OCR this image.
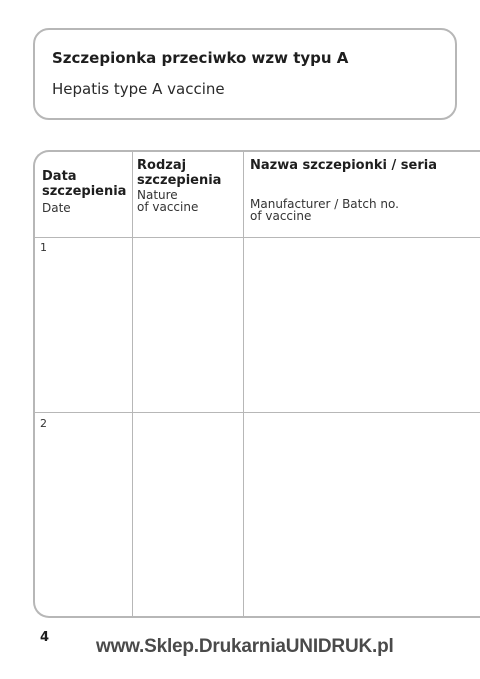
Szczepionka przeciwko wzw typu A
Hepatis type A vaccine
Data
szczepienia
Date
Rodzaj
szczepienia
Nature
of vaccine
Nazwa szczepionki / seria
Manufacturer / Batch no.
of vaccine
1
2
4 www.Sklep.DrukarniaUNIDRUK.pl
